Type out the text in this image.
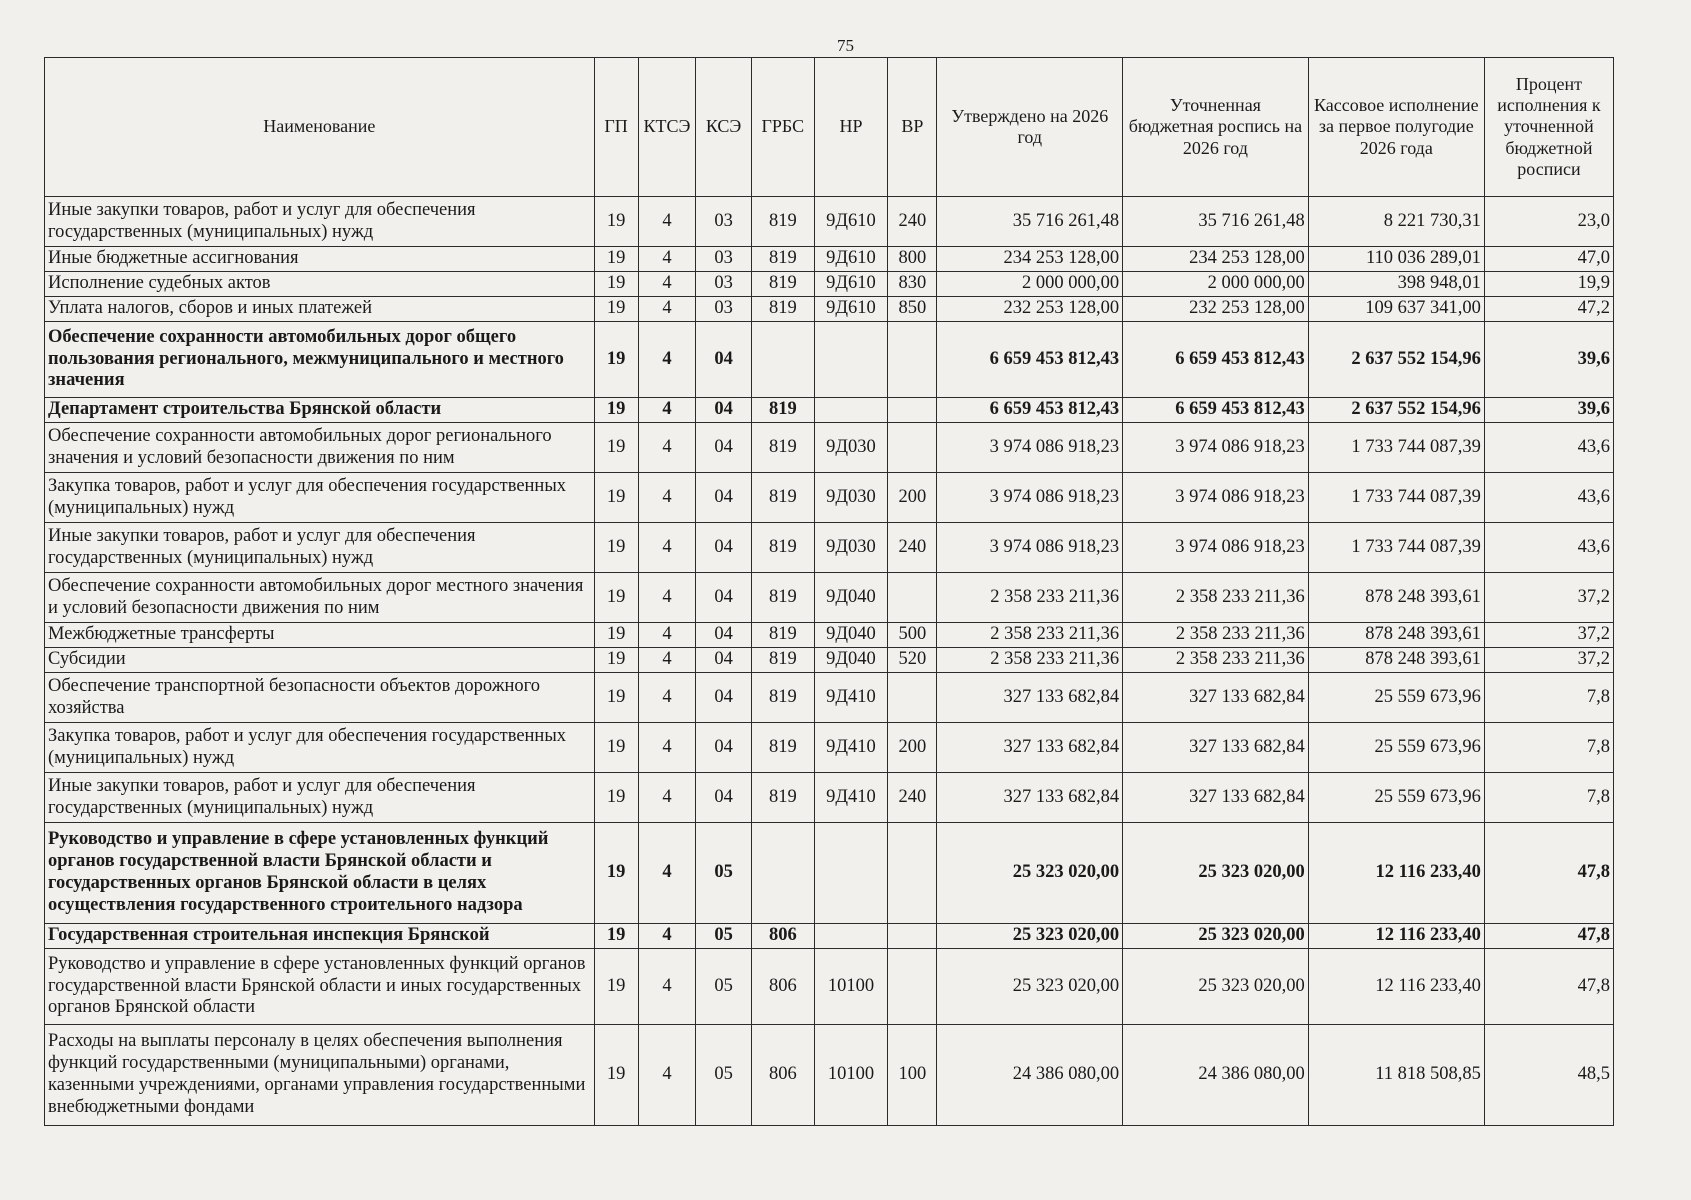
75
Наименование	ГП	КТСЭ	КСЭ	ГРБС	НР	ВР	Утверждено на 2026 год	Уточненная бюджетная роспись на 2026 год	Кассовое исполнение за первое полугодие 2026 года	Процент исполнения к уточненной бюджетной росписи
Иные закупки товаров, работ и услуг для обеспечения государственных (муниципальных) нужд	19	4	03	819	9Д610	240	35 716 261,48	35 716 261,48	8 221 730,31	23,0
Иные бюджетные ассигнования	19	4	03	819	9Д610	800	234 253 128,00	234 253 128,00	110 036 289,01	47,0
Исполнение судебных актов	19	4	03	819	9Д610	830	2 000 000,00	2 000 000,00	398 948,01	19,9
Уплата налогов, сборов и иных платежей	19	4	03	819	9Д610	850	232 253 128,00	232 253 128,00	109 637 341,00	47,2
Обеспечение сохранности автомобильных дорог общего пользования регионального, межмуниципального и местного значения	19	4	04				6 659 453 812,43	6 659 453 812,43	2 637 552 154,96	39,6
Департамент строительства Брянской области	19	4	04	819			6 659 453 812,43	6 659 453 812,43	2 637 552 154,96	39,6
Обеспечение сохранности автомобильных дорог регионального значения и условий безопасности движения по ним	19	4	04	819	9Д030		3 974 086 918,23	3 974 086 918,23	1 733 744 087,39	43,6
Закупка товаров, работ и услуг для обеспечения государственных (муниципальных) нужд	19	4	04	819	9Д030	200	3 974 086 918,23	3 974 086 918,23	1 733 744 087,39	43,6
Иные закупки товаров, работ и услуг для обеспечения государственных (муниципальных) нужд	19	4	04	819	9Д030	240	3 974 086 918,23	3 974 086 918,23	1 733 744 087,39	43,6
Обеспечение сохранности автомобильных дорог местного значения и условий безопасности движения по ним	19	4	04	819	9Д040		2 358 233 211,36	2 358 233 211,36	878 248 393,61	37,2
Межбюджетные трансферты	19	4	04	819	9Д040	500	2 358 233 211,36	2 358 233 211,36	878 248 393,61	37,2
Субсидии	19	4	04	819	9Д040	520	2 358 233 211,36	2 358 233 211,36	878 248 393,61	37,2
Обеспечение транспортной безопасности объектов дорожного хозяйства	19	4	04	819	9Д410		327 133 682,84	327 133 682,84	25 559 673,96	7,8
Закупка товаров, работ и услуг для обеспечения государственных (муниципальных) нужд	19	4	04	819	9Д410	200	327 133 682,84	327 133 682,84	25 559 673,96	7,8
Иные закупки товаров, работ и услуг для обеспечения государственных (муниципальных) нужд	19	4	04	819	9Д410	240	327 133 682,84	327 133 682,84	25 559 673,96	7,8
Руководство и управление в сфере установленных функций органов государственной власти Брянской области и государственных органов Брянской области в целях осуществления государственного строительного надзора	19	4	05				25 323 020,00	25 323 020,00	12 116 233,40	47,8
Государственная строительная инспекция Брянской	19	4	05	806			25 323 020,00	25 323 020,00	12 116 233,40	47,8
Руководство и управление в сфере установленных функций органов государственной власти Брянской области и иных государственных органов Брянской области	19	4	05	806	10100		25 323 020,00	25 323 020,00	12 116 233,40	47,8
Расходы на выплаты персоналу в целях обеспечения выполнения функций государственными (муниципальными) органами, казенными учреждениями, органами управления государственными внебюджетными фондами	19	4	05	806	10100	100	24 386 080,00	24 386 080,00	11 818 508,85	48,5
